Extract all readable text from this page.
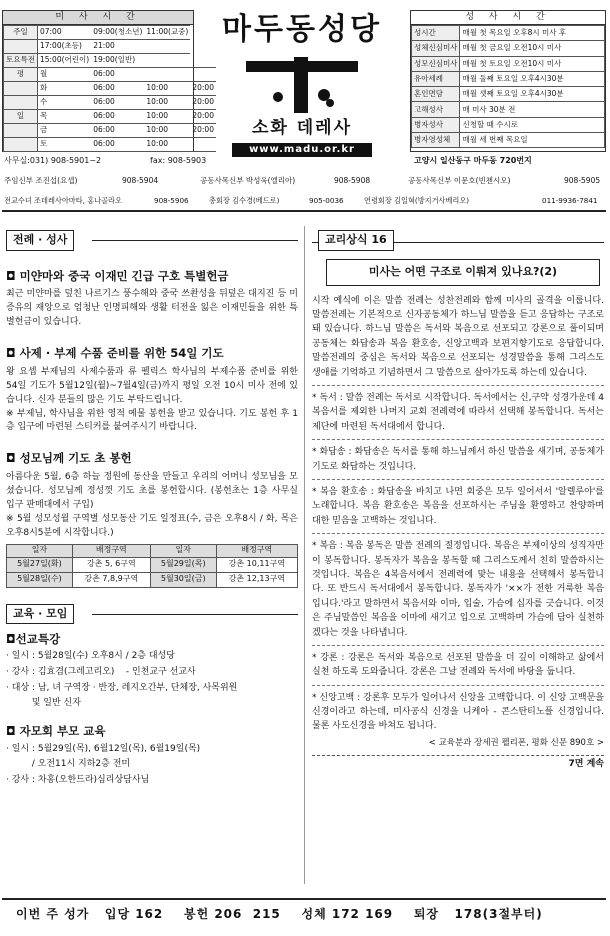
미 사 시 간
주일	07:00	09:00(청소년)	11:00(교중)	
	17:00(초등)	21:00		
토요특전	15:00(어린이)	19:00(일반)		
평	월	06:00		
	화	06:00	10:00	20:00
	수	06:00	10:00	20:00
일	목	06:00	10:00	20:00
	금	06:00	10:00	20:00
	토	06:00	10:00	
마두동성당
소화 데레사
www.madu.or.kr
성 사 시 간
성시간	매월 첫 목요일 오후8시 미사 후
성체신심미사	매월 첫 금요일 오전10시 미사
성모신심미사	매월 첫 토요일 오전10시 미사
유아세례	매월 둘째 토요일 오후4시30분
혼인면담	매월 셋째 토요일 오후4시30분
고해성사	매 미사 30분 전
병자성사	신청할 때 수시로
병자영성체	매월 세 번째 목요일
고양시 일산동구 마두동 720번지
사무실:031) 908-5901~2	fax: 908-5903
주임신부 조진섭(요셉)	908-5904	공동사목신부 박성욱(엘리아)	908-5908	공동사목신부 이문호(빈첸시오)	908-5905
전교수녀 조데레사아마타, 홍나골라오	908-5906	총회장 김수경(베드로)	905-0036	연령회장 김일혁(방지거사베리오)	011-9936-7841
전례 · 성사
◘ 미얀마와 중국 이재민 긴급 구호 특별헌금
최근 미얀마를 덮친 나르기스 풍수해와 중국 쓰촨성을 뒤덮은 대지진 등 미증유의 재앙으로 엄청난 인명피해와 생활 터전을 잃은 이재민들을 위한 특별헌금이 있습니다.
◘ 사제 · 부제 수품 준비를 위한 54일 기도
왕 요셉 부제님의 사제수품과 류 펠릭스 학사님의 부제수품 준비를 위한 54일 기도가 5월12일(월)~7월4일(금)까지 평일 오전 10시 미사 전에 있습니다. 신자 분들의 많은 기도 부탁드립니다.
※ 부제님, 학사님을 위한 영적 예물 봉헌을 받고 있습니다. 기도 봉헌 후 1층 입구에 마련된 스티커를 붙여주시기 바랍니다.
◘ 성모님께 기도 초 봉헌
아름다운 5월, 6층 하늘 정원에 동산을 만들고 우리의 어머니 성모님을 모셨습니다. 성모님께 정성껏 기도 초를 봉헌합시다. (봉헌초는 1층 사무실 입구 판매대에서 구입)
※ 5월 성모성월 구역별 성모동산 기도 일정표(수, 금은 오후8시 / 화, 목은 오후8시5분에 시작합니다.)
일자	배정구역	일자	배정구역
5월27일(화)	강촌 5, 6구역	5월29일(목)	강촌 10,11구역
5월28일(수)	강촌 7,8,9구역	5월30일(금)	강촌 12,13구역
교육 · 모임
◘선교특강
· 일시 : 5월28일(수) 오후8시 / 2층 대성당
· 강사 : 김효겸(그레고리오)    - 인천교구 선교사
· 대상 : 남, 녀 구역장 · 반장, 레지오간부, 단체장, 사목위원
및 일반 신자
◘ 자모회 부모 교육
· 일시 : 5월29일(목), 6월12일(목), 6월19일(목)
/ 오전11시 지하2층 전미
· 강사 : 차홍(오한드라)심리상담사님
교리상식 16
미사는 어떤 구조로 이뤄져 있나요?(2)
시작 예식에 이은 말씀 전례는 성찬전례와 함께 미사의 골격을 이룹니다. 말씀전례는 기본적으로 신자공동체가 하느님 말씀을 듣고 응답하는 구조로 돼 있습니다. 하느님 말씀은 독서와 복음으로 선포되고 강론으로 풀이되며 공동체는 화답송과 복음 환호송, 신앙고백과 보편지향기도로 응답합니다. 말씀전례의 중심은 독서와 복음으로 선포되는 성경말씀을 통해 그리스도 생애를 기억하고 기념하면서 그 말씀으로 살아가도록 하는데 있습니다.
* 독서 : 말씀 전례는 독서로 시작합니다. 독서에서는 신,구약 성경가운데 4복음서를 제외한 나머지 교회 전례력에 따라서 선택해 봉독합니다. 독서는 제단에 마련된 독서대에서 합니다.
* 화답송 : 화답송은 독서를 통해 하느님께서 하신 말씀을 새기며, 공동체가 기도로 화답하는 것입니다.
* 복음 환호송 : 화답송을 바치고 나면 회중은 모두 일어서서 '알렐루야'를 노래합니다. 복음 환호송은 복음을 선포하시는 주님을 환영하고 찬양하며 대한 믿음을 고백하는 것입니다.
* 복음 : 복음 봉독은 말씀 전례의 절정입니다. 복음은 부제이상의 성직자만이 봉독합니다. 봉독자가 복음을 봉독할 때 그리스도께서 친히 말씀하시는 것입니다. 복음은 4복음서에서 전례력에 맞는 내용을 선택해서 봉독합니다. 또 반드시 독서대에서 봉독합니다. 봉독자가 '××가 전한 거룩한 복음입니다.'라고 말하면서 복음서와 이마, 입술, 가슴에 십자를 긋습니다. 이것은 주님말씀인 복음을 이마에 새기고 입으로 고백하며 가슴에 담아 실천하겠다는 것을 나타냅니다.
* 강론 : 강론은 독서와 복음으로 선포된 말씀을 더 깊이 이해하고 삶에서 실천 하도록 도와줍니다. 강론은 그날 전례와 독서에 바탕을 둡니다.
* 신앙고백 : 강론후 모두가 일어나서 신앙을 고백합니다. 이 신앙 고백문을 신경이라고 하는데, 미사공식 신경을 니케아 - 콘스탄티노플 신경입니다. 물론 사도신경을 바쳐도 됩니다.
< 교육분과 장세권 펠리폰, 평화 신문 890호 >
7면 계속
이번 주 성가   입당 162    봉헌 206  215    성체 172 169    퇴장   178(3절부터)
